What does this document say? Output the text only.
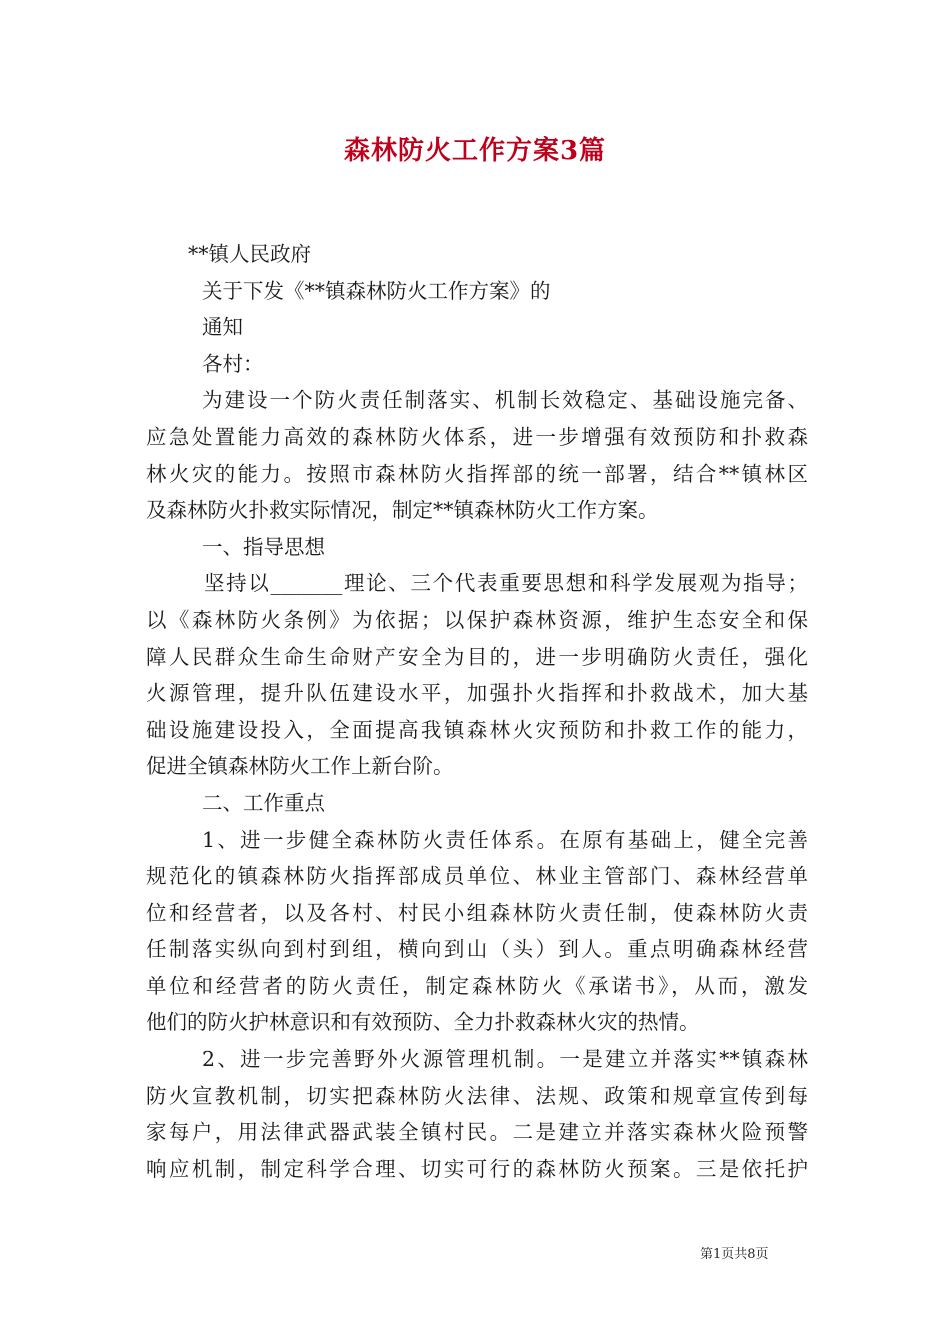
森林防火工作方案3篇
**镇人民政府
关于下发《**镇森林防火工作方案》的
通知
各村：
为建设一个防火责任制落实、机制长效稳定、基础设施完备、
应急处置能力高效的森林防火体系，进一步增强有效预防和扑救森
林火灾的能力。按照市森林防火指挥部的统一部署，结合**镇林区
及森林防火扑救实际情况，制定**镇森林防火工作方案。
一、指导思想
坚持以_______理论、三个代表重要思想和科学发展观为指导；
以《森林防火条例》为依据；以保护森林资源，维护生态安全和保
障人民群众生命生命财产安全为目的，进一步明确防火责任，强化
火源管理，提升队伍建设水平，加强扑火指挥和扑救战术，加大基
础设施建设投入，全面提高我镇森林火灾预防和扑救工作的能力，
促进全镇森林防火工作上新台阶。
二、工作重点
1、进一步健全森林防火责任体系。在原有基础上，健全完善
规范化的镇森林防火指挥部成员单位、林业主管部门、森林经营单
位和经营者，以及各村、村民小组森林防火责任制，使森林防火责
任制落实纵向到村到组，横向到山（头）到人。重点明确森林经营
单位和经营者的防火责任，制定森林防火《承诺书》，从而，激发
他们的防火护林意识和有效预防、全力扑救森林火灾的热情。
2、进一步完善野外火源管理机制。一是建立并落实**镇森林
防火宣教机制，切实把森林防火法律、法规、政策和规章宣传到每
家每户，用法律武器武装全镇村民。二是建立并落实森林火险预警
响应机制，制定科学合理、切实可行的森林防火预案。三是依托护
第1页共8页
